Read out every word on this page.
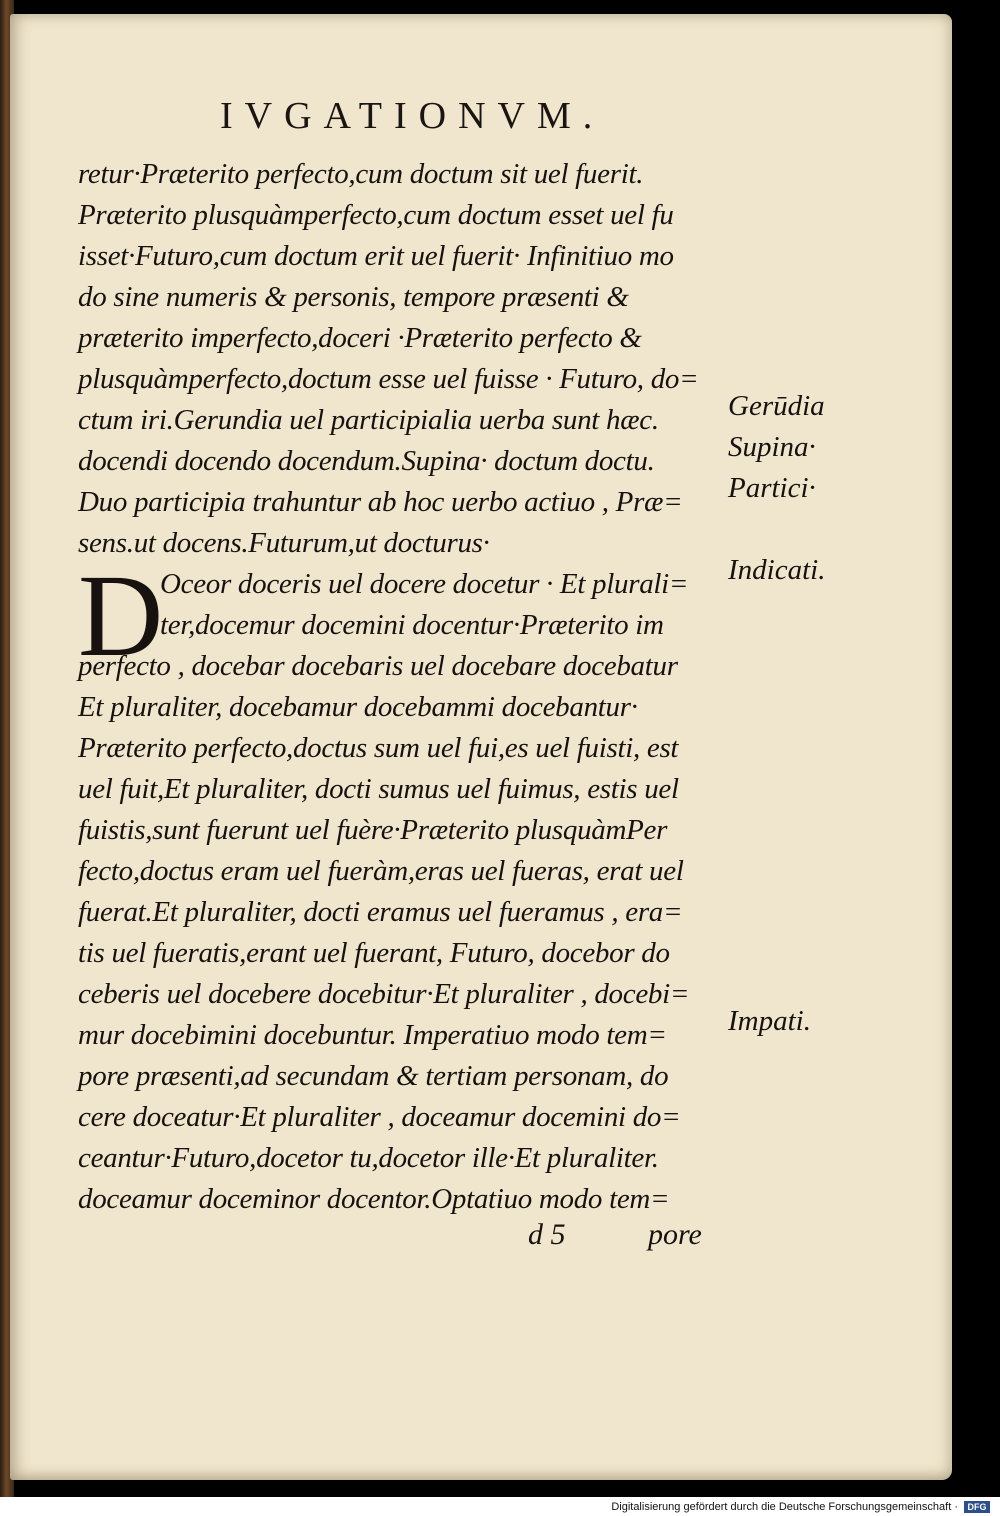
IVGATIONVM.
retur·Præterito perfecto,cum doctum sit uel fuerit.
Præterito plusquàmperfecto,cum doctum esset uel fu
isset·Futuro,cum doctum erit uel fuerit· Infinitiuo mo
do sine numeris & personis, tempore præsenti &
præterito imperfecto,doceri ·Præterito perfecto &
plusquàmperfecto,doctum esse uel fuisse · Futuro, do=
ctum iri.Gerundia uel participialia uerba sunt hæc.
docendi docendo docendum.Supina· doctum doctu.
Duo participia trahuntur ab hoc uerbo actiuo , Præ=
sens.ut docens.Futurum,ut docturus·
D
Oceor doceris uel docere docetur · Et plurali=
ter,docemur docemini docentur·Præterito im
perfecto , docebar docebaris uel docebare docebatur
Et pluraliter, docebamur docebammi docebantur·
Præterito perfecto,doctus sum uel fui,es uel fuisti, est
uel fuit,Et pluraliter, docti sumus uel fuimus, estis uel
fuistis,sunt fuerunt uel fuère·Præterito plusquàmPer
fecto,doctus eram uel fueràm,eras uel fueras, erat uel
fuerat.Et pluraliter, docti eramus uel fueramus , era=
tis uel fueratis,erant uel fuerant, Futuro, docebor do
ceberis uel docebere docebitur·Et pluraliter , docebi=
mur docebimini docebuntur. Imperatiuo modo tem=
pore præsenti,ad secundam & tertiam personam, do
cere doceatur·Et pluraliter , doceamur docemini do=
ceantur·Futuro,docetor tu,docetor ille·Et pluraliter.
doceamur doceminor docentor.Optatiuo modo tem=
Gerūdia
Supina·
Partici·
Indicati.
Impati.
d 5	pore
Digitalisierung gefördert durch die Deutsche Forschungsgemeinschaft ·	DFG
